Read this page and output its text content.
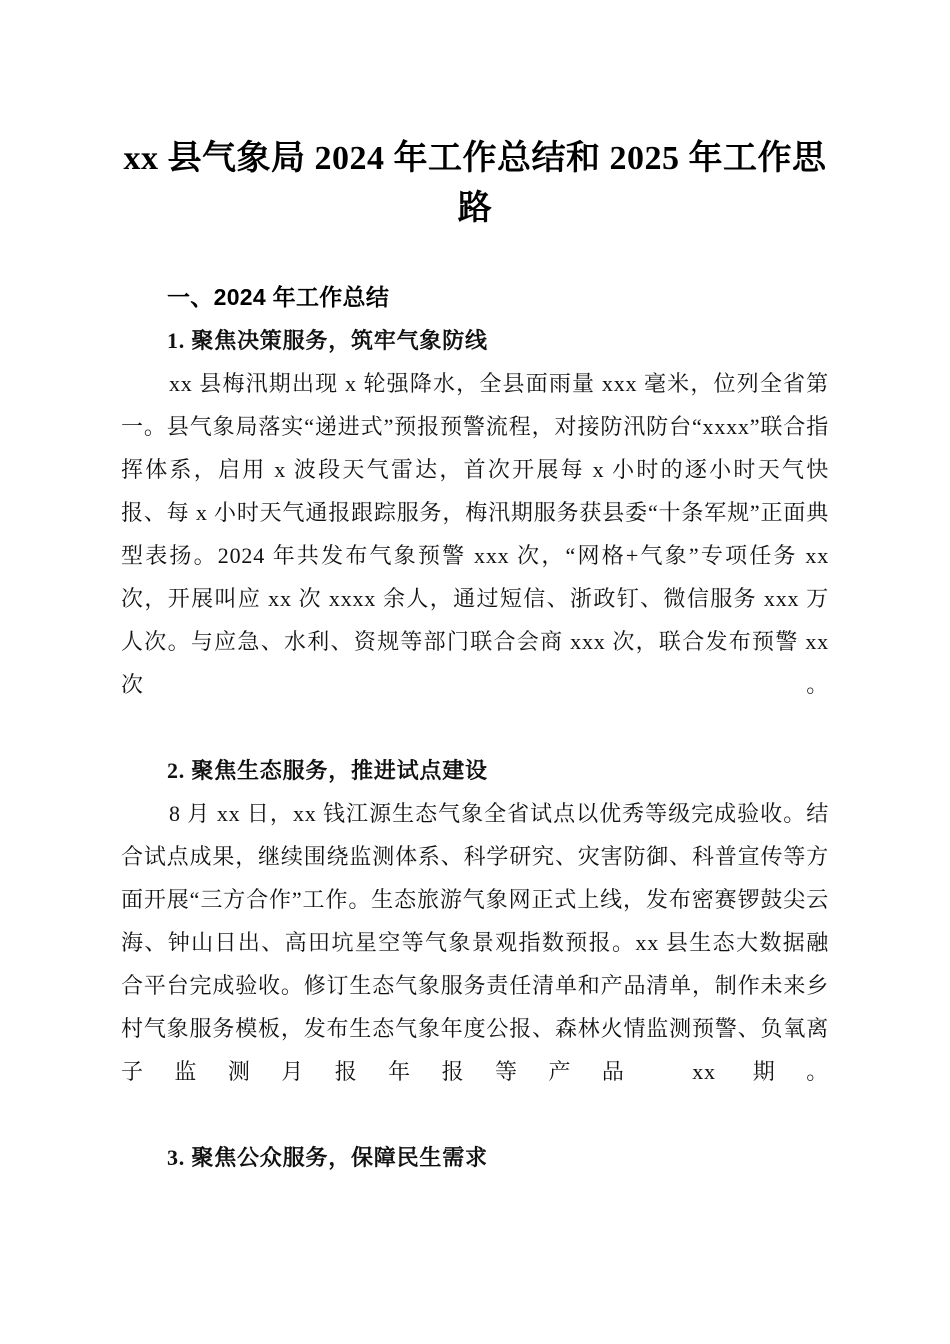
xx 县气象局 2024 年工作总结和 2025 年工作思路
一、2024 年工作总结
1. 聚焦决策服务，筑牢气象防线

xx 县梅汛期出现 x 轮强降水，全县面雨量 xxx 毫米，位列全省第一。县气象局落实“递进式”预报预警流程，对接防汛防台“xxxx”联合指挥体系，启用 x 波段天气雷达，首次开展每 x 小时的逐小时天气快报、每 x 小时天气通报跟踪服务，梅汛期服务获县委“十条军规”正面典型表扬。2024 年共发布气象预警 xxx 次，“网格+气象”专项任务 xx 次，开展叫应 xx 次 xxxx 余人，通过短信、浙政钉、微信服务 xxx 万人次。与应急、水利、资规等部门联合会商 xxx 次，联合发布预警 xx 次。

2. 聚焦生态服务，推进试点建设

8 月 xx 日，xx 钱江源生态气象全省试点以优秀等级完成验收。结合试点成果，继续围绕监测体系、科学研究、灾害防御、科普宣传等方面开展“三方合作”工作。生态旅游气象网正式上线，发布密赛锣鼓尖云海、钟山日出、高田坑星空等气象景观指数预报。xx 县生态大数据融合平台完成验收。修订生态气象服务责任清单和产品清单，制作未来乡村气象服务模板，发布生态气象年度公报、森林火情监测预警、负氧离子监测月报年报等产品 xx 期。

3. 聚焦公众服务，保障民生需求
